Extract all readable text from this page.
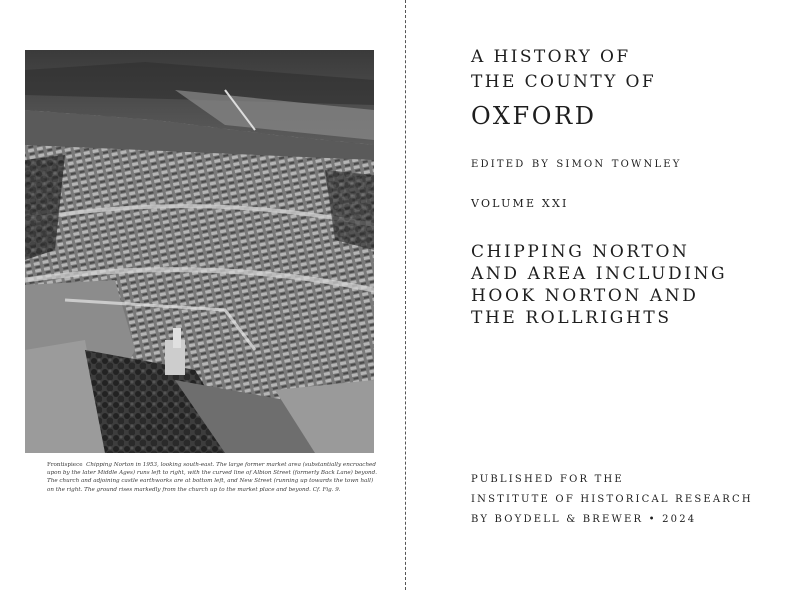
Frontispiece Chipping Norton in 1953, looking south-east. The large former market area (substantially encroached upon by the later Middle Ages) runs left to right, with the curved line of Albion Street (formerly Back Lane) beyond. The church and adjoining castle earthworks are at bottom left, and New Street (running up towards the town hall) on the right. The ground rises markedly from the church up to the market place and beyond. Cf. Fig. 9.
A HISTORY OF
THE COUNTY OF
OXFORD
EDITED BY SIMON TOWNLEY
VOLUME XXI
CHIPPING NORTON
AND AREA INCLUDING
HOOK NORTON AND
THE ROLLRIGHTS
PUBLISHED FOR THE
INSTITUTE OF HISTORICAL RESEARCH
BY BOYDELL & BREWER • 2024
